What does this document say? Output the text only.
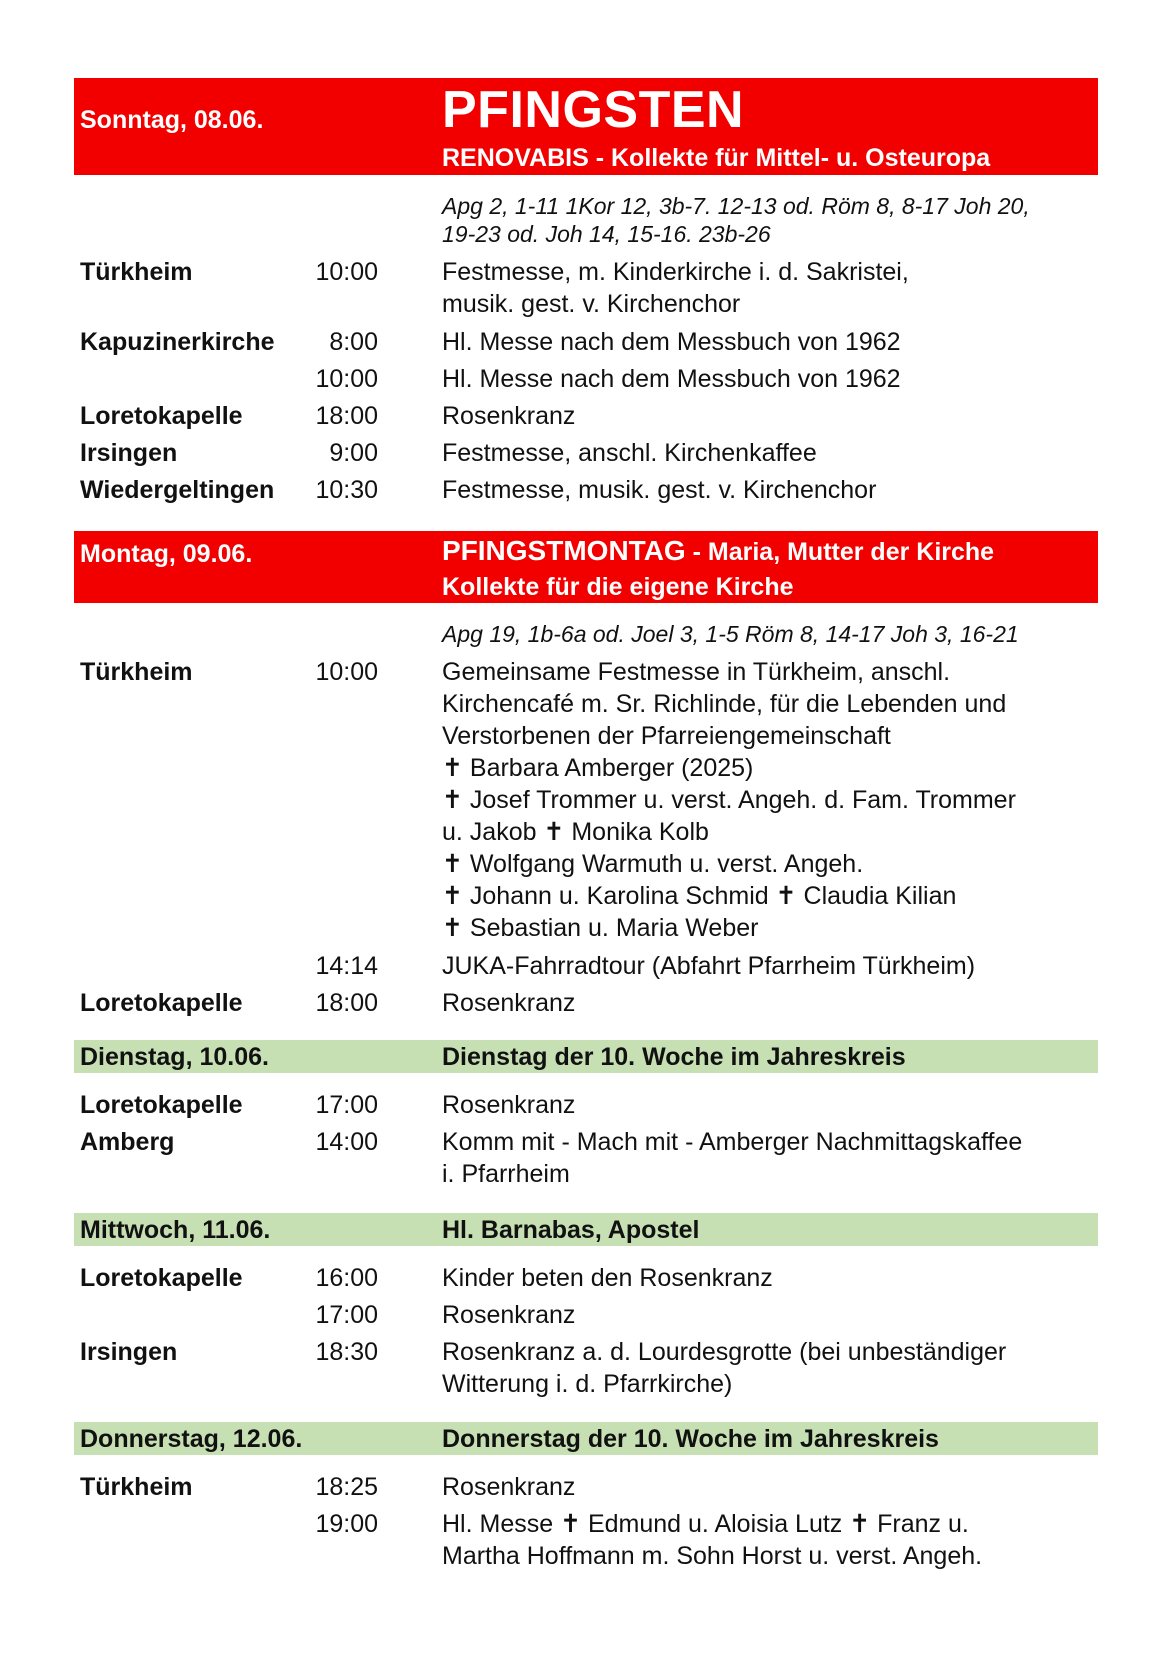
Sonntag, 08.06.	PFINGSTEN
RENOVABIS - Kollekte für Mittel- u. Osteuropa
Apg 2, 1-11 1Kor 12, 3b-7. 12-13 od. Röm 8, 8-17 Joh 20,
19-23 od. Joh 14, 15-16. 23b-26
Türkheim	10:00	Festmesse, m. Kinderkirche i. d. Sakristei,
musik. gest. v. Kirchenchor
Kapuzinerkirche	8:00	Hl. Messe nach dem Messbuch von 1962
10:00	Hl. Messe nach dem Messbuch von 1962
Loretokapelle	18:00	Rosenkranz
Irsingen	9:00	Festmesse, anschl. Kirchenkaffee
Wiedergeltingen	10:30	Festmesse, musik. gest. v. Kirchenchor
Montag, 09.06.	PFINGSTMONTAG - Maria, Mutter der Kirche
Kollekte für die eigene Kirche
Apg 19, 1b-6a od. Joel 3, 1-5 Röm 8, 14-17 Joh 3, 16-21
Türkheim	10:00	Gemeinsame Festmesse in Türkheim, anschl.
Kirchencafé m. Sr. Richlinde, für die Lebenden und
Verstorbenen der Pfarreiengemeinschaft
✝ Barbara Amberger (2025)
✝ Josef Trommer u. verst. Angeh. d. Fam. Trommer
u. Jakob ✝ Monika Kolb
✝ Wolfgang Warmuth u. verst. Angeh.
✝ Johann u. Karolina Schmid ✝ Claudia Kilian
✝ Sebastian u. Maria Weber
14:14	JUKA-Fahrradtour (Abfahrt Pfarrheim Türkheim)
Loretokapelle	18:00	Rosenkranz
Dienstag, 10.06.	Dienstag der 10. Woche im Jahreskreis
Loretokapelle	17:00	Rosenkranz
Amberg	14:00	Komm mit - Mach mit - Amberger Nachmittagskaffee
i. Pfarrheim
Mittwoch, 11.06.	Hl. Barnabas, Apostel
Loretokapelle	16:00	Kinder beten den Rosenkranz
17:00	Rosenkranz
Irsingen	18:30	Rosenkranz a. d. Lourdesgrotte (bei unbeständiger
Witterung i. d. Pfarrkirche)
Donnerstag, 12.06.	Donnerstag der 10. Woche im Jahreskreis
Türkheim	18:25	Rosenkranz
19:00	Hl. Messe ✝ Edmund u. Aloisia Lutz ✝ Franz u.
Martha Hoffmann m. Sohn Horst u. verst. Angeh.
